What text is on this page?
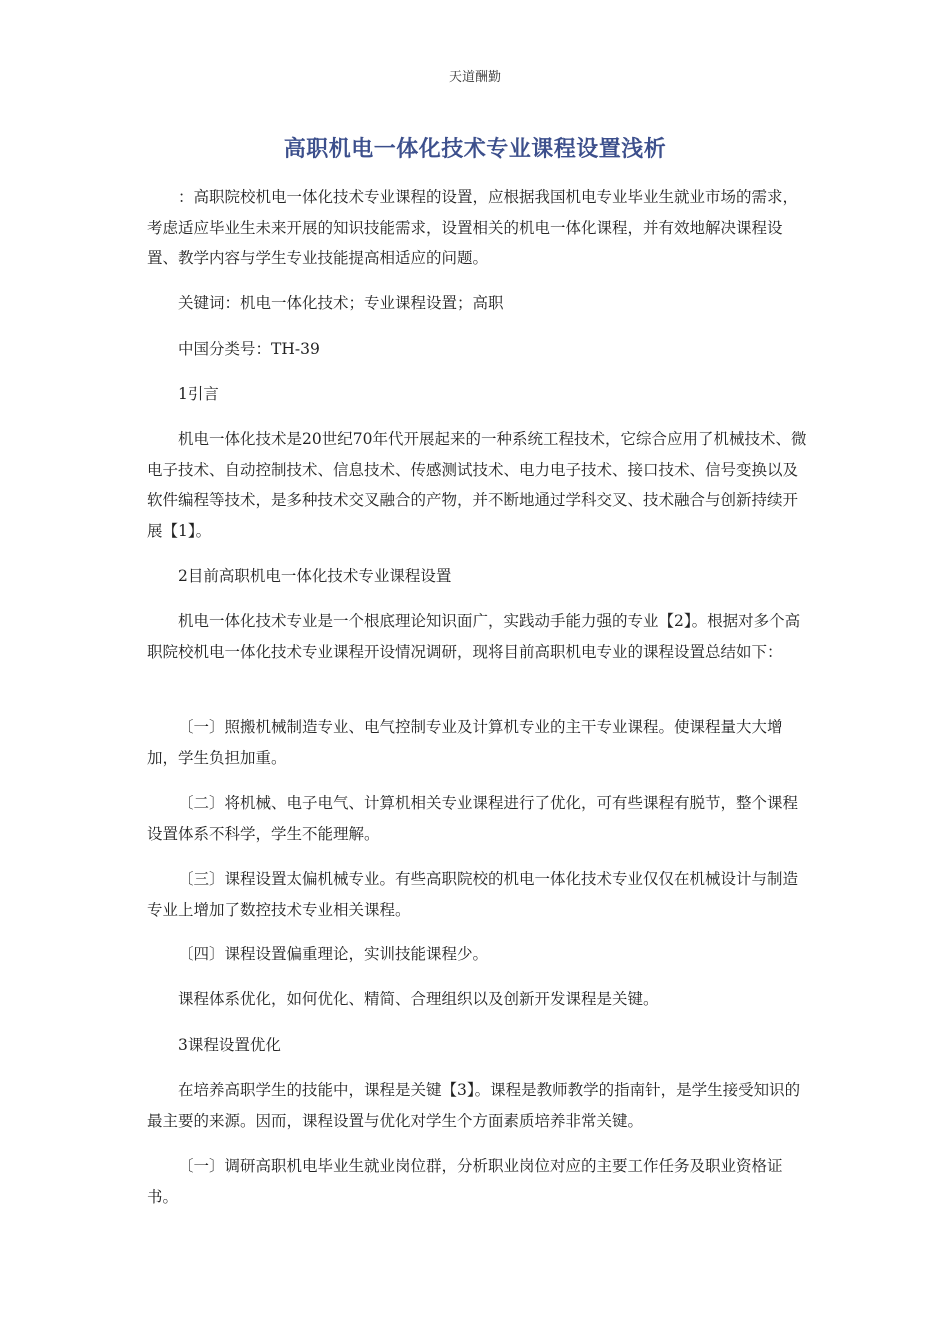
天道酬勤
高职机电一体化技术专业课程设置浅析

：高职院校机电一体化技术专业课程的设置，应根据我国机电专业毕业生就业市场的需求，考虑适应毕业生未来开展的知识技能需求，设置相关的机电一体化课程，并有效地解决课程设置、教学内容与学生专业技能提高相适应的问题。

关键词：机电一体化技术；专业课程设置；高职

中国分类号：TH-39

1引言

机电一体化技术是20世纪70年代开展起来的一种系统工程技术，它综合应用了机械技术、微电子技术、自动控制技术、信息技术、传感测试技术、电力电子技术、接口技术、信号变换以及软件编程等技术，是多种技术交叉融合的产物，并不断地通过学科交叉、技术融合与创新持续开展【1】。

2目前高职机电一体化技术专业课程设置

机电一体化技术专业是一个根底理论知识面广，实践动手能力强的专业【2】。根据对多个高职院校机电一体化技术专业课程开设情况调研，现将目前高职机电专业的课程设置总结如下：

〔一〕照搬机械制造专业、电气控制专业及计算机专业的主干专业课程。使课程量大大增加，学生负担加重。

〔二〕将机械、电子电气、计算机相关专业课程进行了优化，可有些课程有脱节，整个课程设置体系不科学，学生不能理解。

〔三〕课程设置太偏机械专业。有些高职院校的机电一体化技术专业仅仅在机械设计与制造专业上增加了数控技术专业相关课程。

〔四〕课程设置偏重理论，实训技能课程少。

课程体系优化，如何优化、精简、合理组织以及创新开发课程是关键。

3课程设置优化

在培养高职学生的技能中，课程是关键【3】。课程是教师教学的指南针，是学生接受知识的最主要的来源。因而，课程设置与优化对学生个方面素质培养非常关键。

〔一〕调研高职机电毕业生就业岗位群，分析职业岗位对应的主要工作任务及职业资格证书。
